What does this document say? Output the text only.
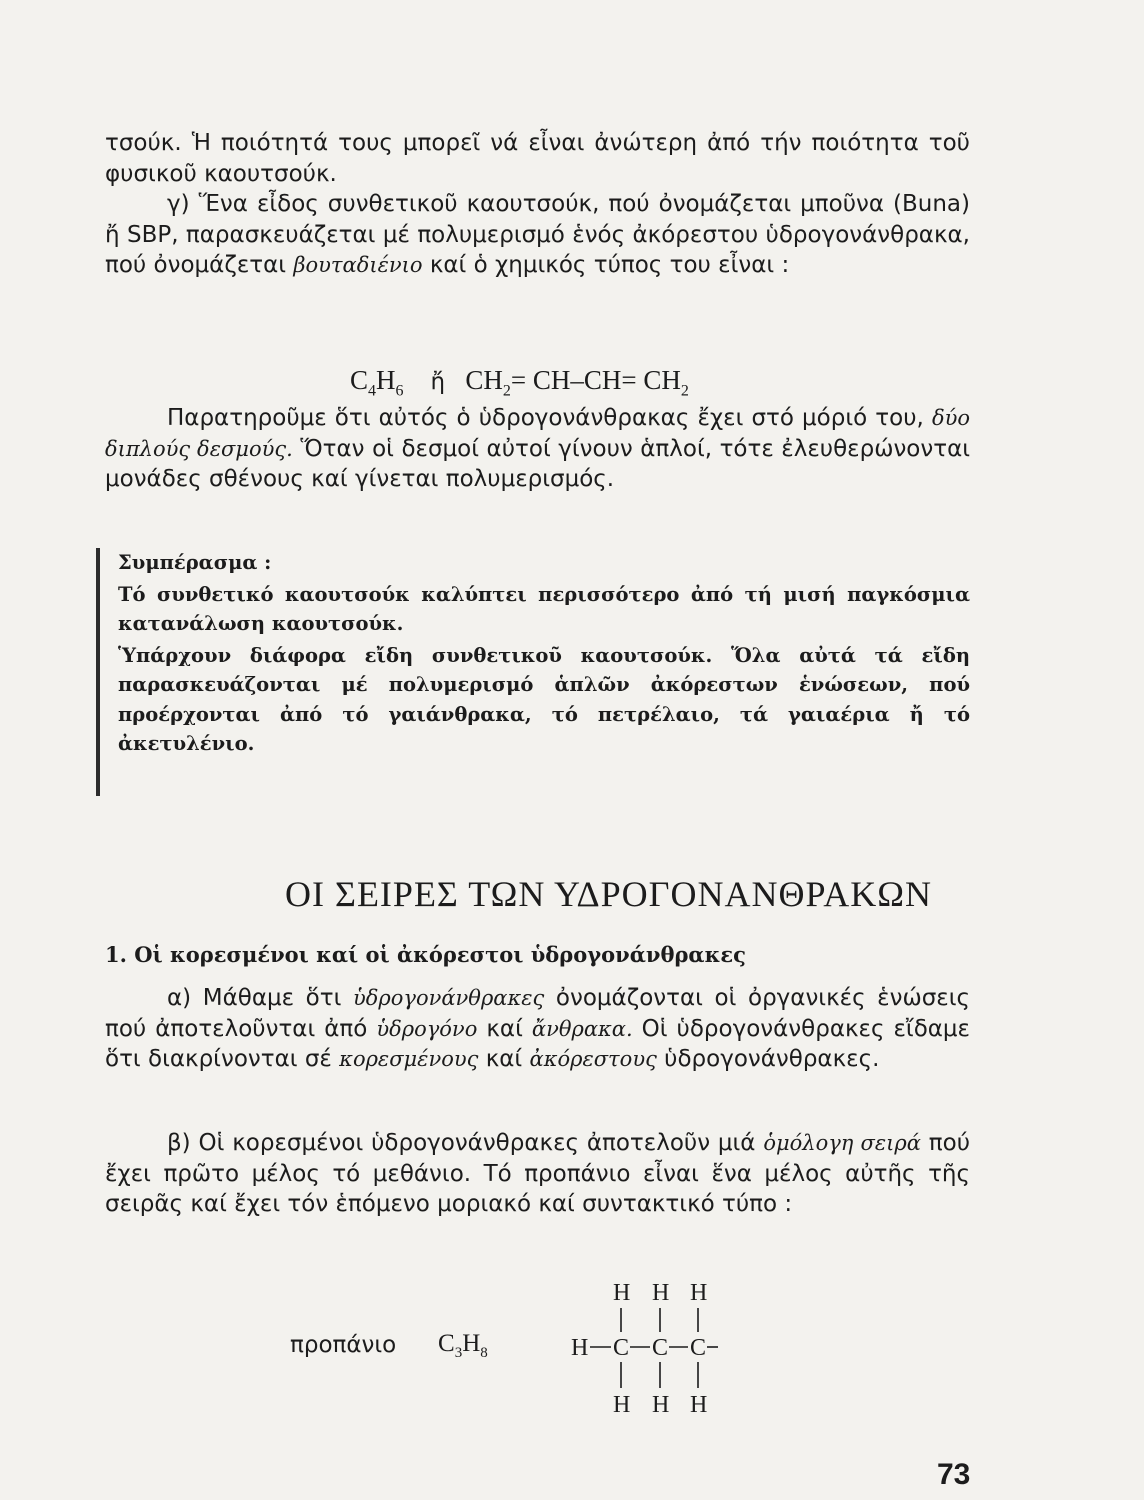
τσούκ. Ἡ ποιότητά τους μπορεῖ νά εἶναι ἀνώτερη ἀπό τήν ποιότητα τοῦ φυσικοῦ καουτσούκ.
γ) Ἕνα εἶδος συνθετικοῦ καουτσούκ, πού ὀνομάζεται μποῦνα (Buna) ἤ SBP, παρασκευάζεται μέ πολυμερισμό ἑνός ἀκόρεστου ὑδρογονάνθρακα, πού ὀνομάζεται βουταδιένιο καί ὁ χημικός τύπος του εἶναι :
$C_4H_6$ ἤ $CH_2= CH-CH= CH_2$
Παρατηροῦμε ὅτι αὐτός ὁ ὑδρογονάνθρακας ἔχει στό μόριό του, δύο διπλούς δεσμούς. Ὅταν οἱ δεσμοί αὐτοί γίνουν ἁπλοί, τότε ἐλευθερώνονται μονάδες σθένους καί γίνεται πολυμερισμός.
Συμπέρασμα :

Τό συνθετικό καουτσούκ καλύπτει περισσότερο ἀπό τή μισή παγκόσμια κατανάλωση καουτσούκ.

Ὑπάρχουν διάφορα εἴδη συνθετικοῦ καουτσούκ. Ὅλα αὐτά τά εἴδη παρασκευάζονται μέ πολυμερισμό ἁπλῶν ἀκόρεστων ἑνώσεων, πού προέρχονται ἀπό τό γαιάνθρακα, τό πετρέλαιο, τά γαιαέρια ἤ τό ἀκετυλένιο.

ΟΙ ΣΕΙΡΕΣ ΤΩΝ ΥΔΡΟΓΟΝΑΝΘΡΑΚΩΝ
1. Οἱ κορεσμένοι καί οἱ ἀκόρεστοι ὑδρογονάνθρακες
α) Μάθαμε ὅτι ὑδρογονάνθρακες ὀνομάζονται οἱ ὀργανικές ἑνώσεις πού ἀποτελοῦνται ἀπό ὑδρογόνο καί ἄνθρακα. Οἱ ὑδρογονάνθρακες εἴδαμε ὅτι διακρίνονται σέ κορεσμένους καί ἀκόρεστους ὑδρογονάνθρακες.
β) Οἱ κορεσμένοι ὑδρογονάνθρακες ἀποτελοῦν μιά ὁμόλογη σειρά πού ἔχει πρῶτο μέλος τό μεθάνιο. Τό προπάνιο εἶναι ἕνα μέλος αὐτῆς τῆς σειρᾶς καί ἔχει τόν ἑπόμενο μοριακό καί συντακτικό τύπο :
προπάνιο $C_3H_8$
H H H
H C C C
H H H
73
